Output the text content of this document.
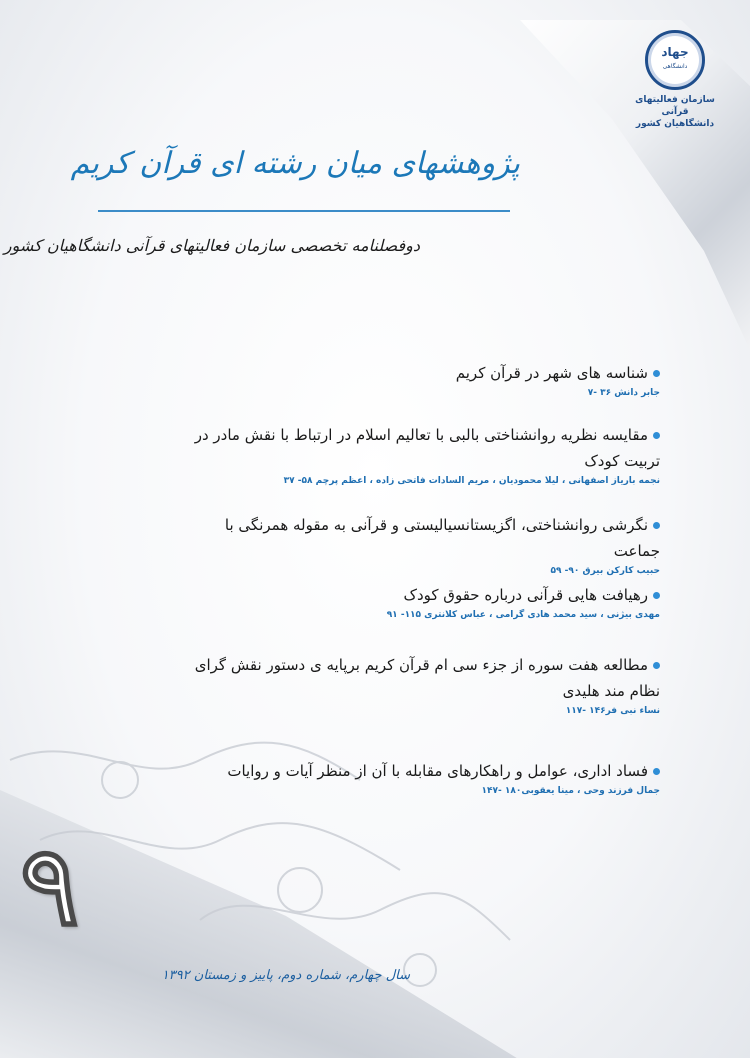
جهاد
دانشگاهی
سازمان فعالیتهای قرآنی
دانشگاهیان کشور
پژوهشهای میان رشته ای قرآن کریم
دوفصلنامه تخصصی سازمان فعالیتهای قرآنی دانشگاهیان کشور
شناسه های شهر در قرآن کریم
جابر دانش ۳۶ -۷
مقایسه نظریه روانشناختی بالبی با تعالیم اسلام در ارتباط با نقش مادر در تربیت کودک
نجمه باریاز اصفهانی ، لیلا محمودیان ، مریم السادات فاتحی زاده ، اعظم پرچم ۵۸- ۳۷
نگرشی روانشناختی، اگزیستانسیالیستی و قرآنی به مقوله همرنگی با جماعت
حبیب کارکن بیرق ۹۰- ۵۹
رهیافت هایی قرآنی درباره حقوق کودک
مهدی بیژنی ، سید محمد هادی گرامی ، عباس کلانتری ۱۱۵- ۹۱
مطالعه هفت سوره از جزء سی ام قرآن کریم برپایه ی دستور نقش گرای نظام مند هلیدی
نساء نبی فر۱۴۶ -۱۱۷
فساد اداری، عوامل و راهکارهای مقابله با آن از منظر آیات و روایات
جمال فرزند وحی ، مینا یعقوبی۱۸۰ -۱۴۷
۹
سال چهارم، شماره دوم، پاییز و زمستان ۱۳۹۲
